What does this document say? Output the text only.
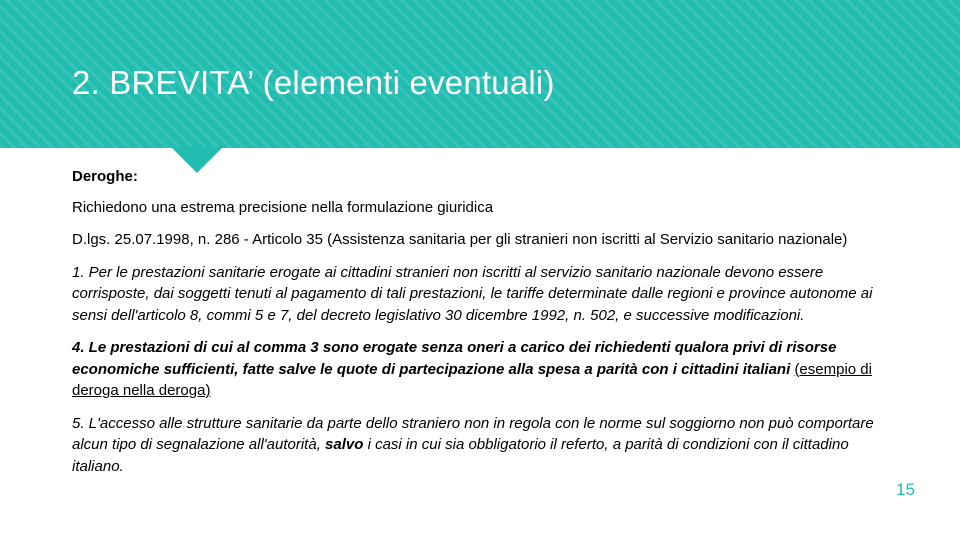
2. BREVITA’ (elementi eventuali)

Deroghe:

Richiedono una estrema precisione nella formulazione giuridica

D.lgs. 25.07.1998, n. 286 - Articolo 35 (Assistenza sanitaria per gli stranieri non iscritti al Servizio sanitario nazionale)

1. Per le prestazioni sanitarie erogate ai cittadini stranieri non iscritti al servizio sanitario nazionale devono essere corrisposte, dai soggetti tenuti al pagamento di tali prestazioni, le tariffe determinate dalle regioni e province autonome ai sensi dell'articolo 8, commi 5 e 7, del decreto legislativo 30 dicembre 1992, n. 502, e successive modificazioni.

4. Le prestazioni di cui al comma 3 sono erogate senza oneri a carico dei richiedenti qualora privi di risorse economiche sufficienti, fatte salve le quote di partecipazione alla spesa a parità con i cittadini italiani (esempio di deroga nella deroga)

5. L'accesso alle strutture sanitarie da parte dello straniero non in regola con le norme sul soggiorno non può comportare alcun tipo di segnalazione all'autorità, salvo i casi in cui sia obbligatorio il referto, a parità di condizioni con il cittadino italiano.

15
